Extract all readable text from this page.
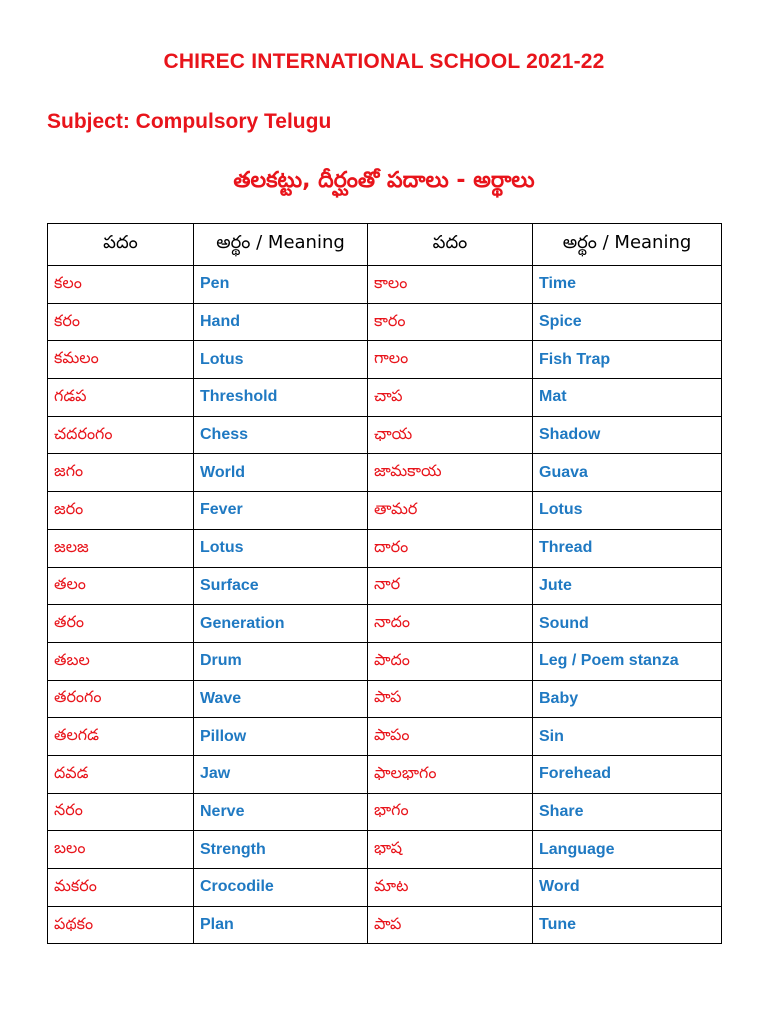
CHIREC INTERNATIONAL SCHOOL 2021-22
Subject: Compulsory Telugu
తలకట్టు, దీర్ఘంతో పదాలు - అర్థాలు
పదం	అర్థం / Meaning	పదం	అర్థం / Meaning
కలం	Pen	కాలం	Time
కరం	Hand	కారం	Spice
కమలం	Lotus	గాలం	Fish Trap
గడప	Threshold	చాప	Mat
చదరంగం	Chess	ఛాయ	Shadow
జగం	World	జామకాయ	Guava
జరం	Fever	తామర	Lotus
జలజ	Lotus	దారం	Thread
తలం	Surface	నార	Jute
తరం	Generation	నాదం	Sound
తబల	Drum	పాదం	Leg / Poem stanza
తరంగం	Wave	పాప	Baby
తలగడ	Pillow	పాపం	Sin
దవడ	Jaw	ఫాలభాగం	Forehead
నరం	Nerve	భాగం	Share
బలం	Strength	భాష	Language
మకరం	Crocodile	మాట	Word
పథకం	Plan	పాప	Tune
